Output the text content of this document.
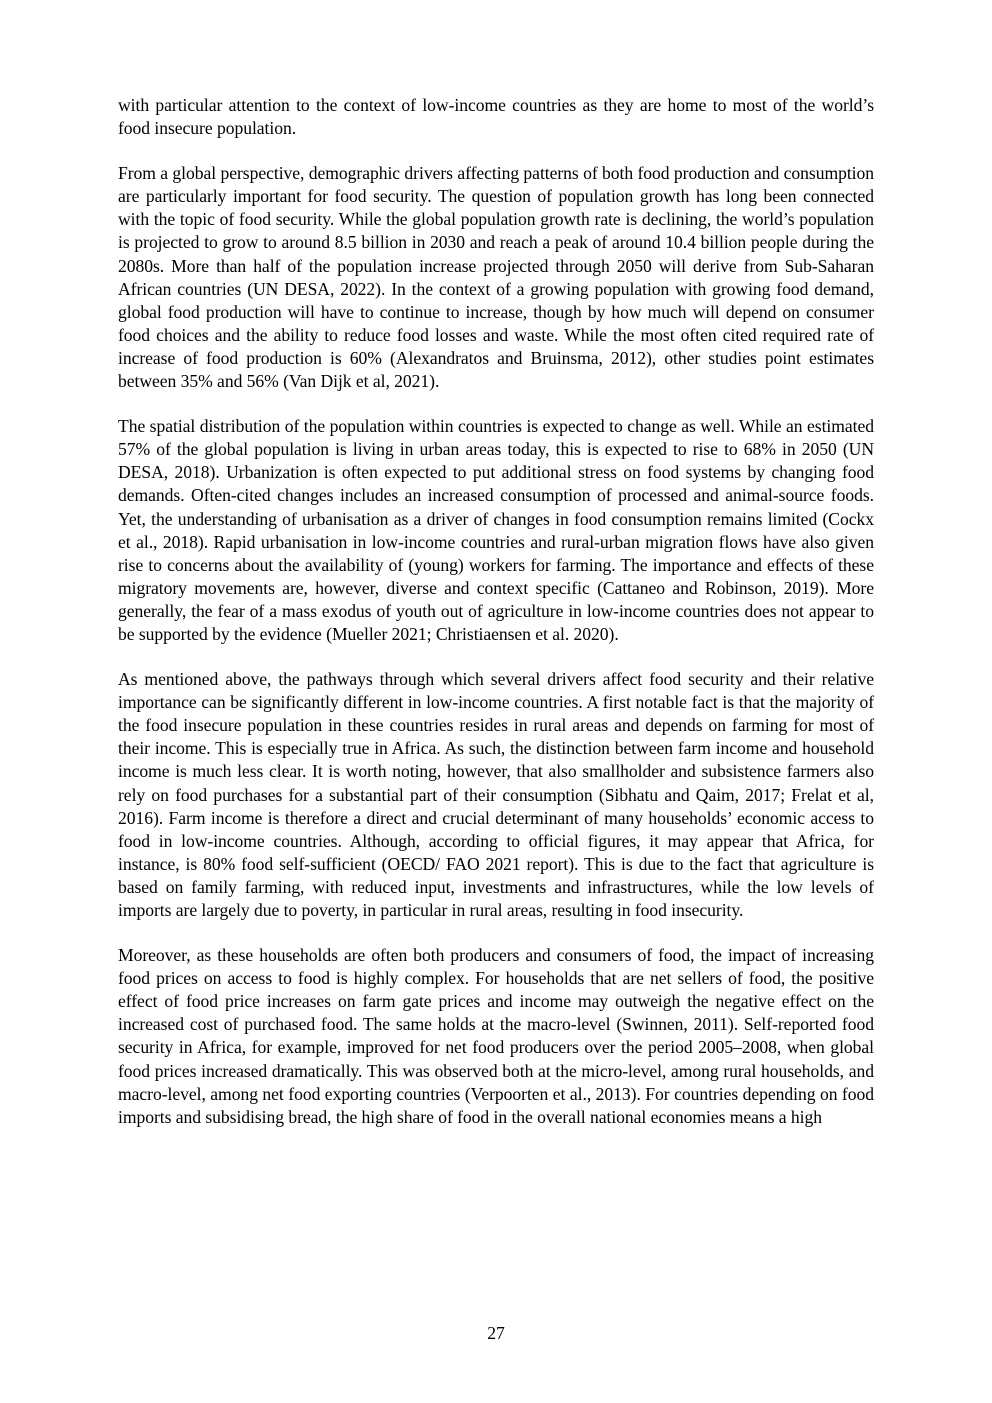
with particular attention to the context of low-income countries as they are home to most of the world’s food insecure population.

From a global perspective, demographic drivers affecting patterns of both food production and consumption are particularly important for food security. The question of population growth has long been connected with the topic of food security. While the global population growth rate is declining, the world’s population is projected to grow to around 8.5 billion in 2030 and reach a peak of around 10.4 billion people during the 2080s. More than half of the population increase projected through 2050 will derive from Sub-Saharan African countries (UN DESA, 2022). In the context of a growing population with growing food demand, global food production will have to continue to increase, though by how much will depend on consumer food choices and the ability to reduce food losses and waste. While the most often cited required rate of increase of food production is 60% (Alexandratos and Bruinsma, 2012), other studies point estimates between 35% and 56% (Van Dijk et al, 2021).

The spatial distribution of the population within countries is expected to change as well. While an estimated 57% of the global population is living in urban areas today, this is expected to rise to 68% in 2050 (UN DESA, 2018). Urbanization is often expected to put additional stress on food systems by changing food demands. Often-cited changes includes an increased consumption of processed and animal-source foods. Yet, the understanding of urbanisation as a driver of changes in food consumption remains limited (Cockx et al., 2018). Rapid urbanisation in low-income countries and rural-urban migration flows have also given rise to concerns about the availability of (young) workers for farming. The importance and effects of these migratory movements are, however, diverse and context specific (Cattaneo and Robinson, 2019). More generally, the fear of a mass exodus of youth out of agriculture in low-income countries does not appear to be supported by the evidence (Mueller 2021; Christiaensen et al. 2020).

As mentioned above, the pathways through which several drivers affect food security and their relative importance can be significantly different in low-income countries. A first notable fact is that the majority of the food insecure population in these countries resides in rural areas and depends on farming for most of their income. This is especially true in Africa. As such, the distinction between farm income and household income is much less clear. It is worth noting, however, that also smallholder and subsistence farmers also rely on food purchases for a substantial part of their consumption (Sibhatu and Qaim, 2017; Frelat et al, 2016). Farm income is therefore a direct and crucial determinant of many households’ economic access to food in low-income countries. Although, according to official figures, it may appear that Africa, for instance, is 80% food self-sufficient (OECD/ FAO 2021 report). This is due to the fact that agriculture is based on family farming, with reduced input, investments and infrastructures, while the low levels of imports are largely due to poverty, in particular in rural areas, resulting in food insecurity.

Moreover, as these households are often both producers and consumers of food, the impact of increasing food prices on access to food is highly complex. For households that are net sellers of food, the positive effect of food price increases on farm gate prices and income may outweigh the negative effect on the increased cost of purchased food. The same holds at the macro-level (Swinnen, 2011). Self-reported food security in Africa, for example, improved for net food producers over the period 2005–2008, when global food prices increased dramatically. This was observed both at the micro-level, among rural households, and macro-level, among net food exporting countries (Verpoorten et al., 2013). For countries depending on food imports and subsidising bread, the high share of food in the overall national economies means a high

27
